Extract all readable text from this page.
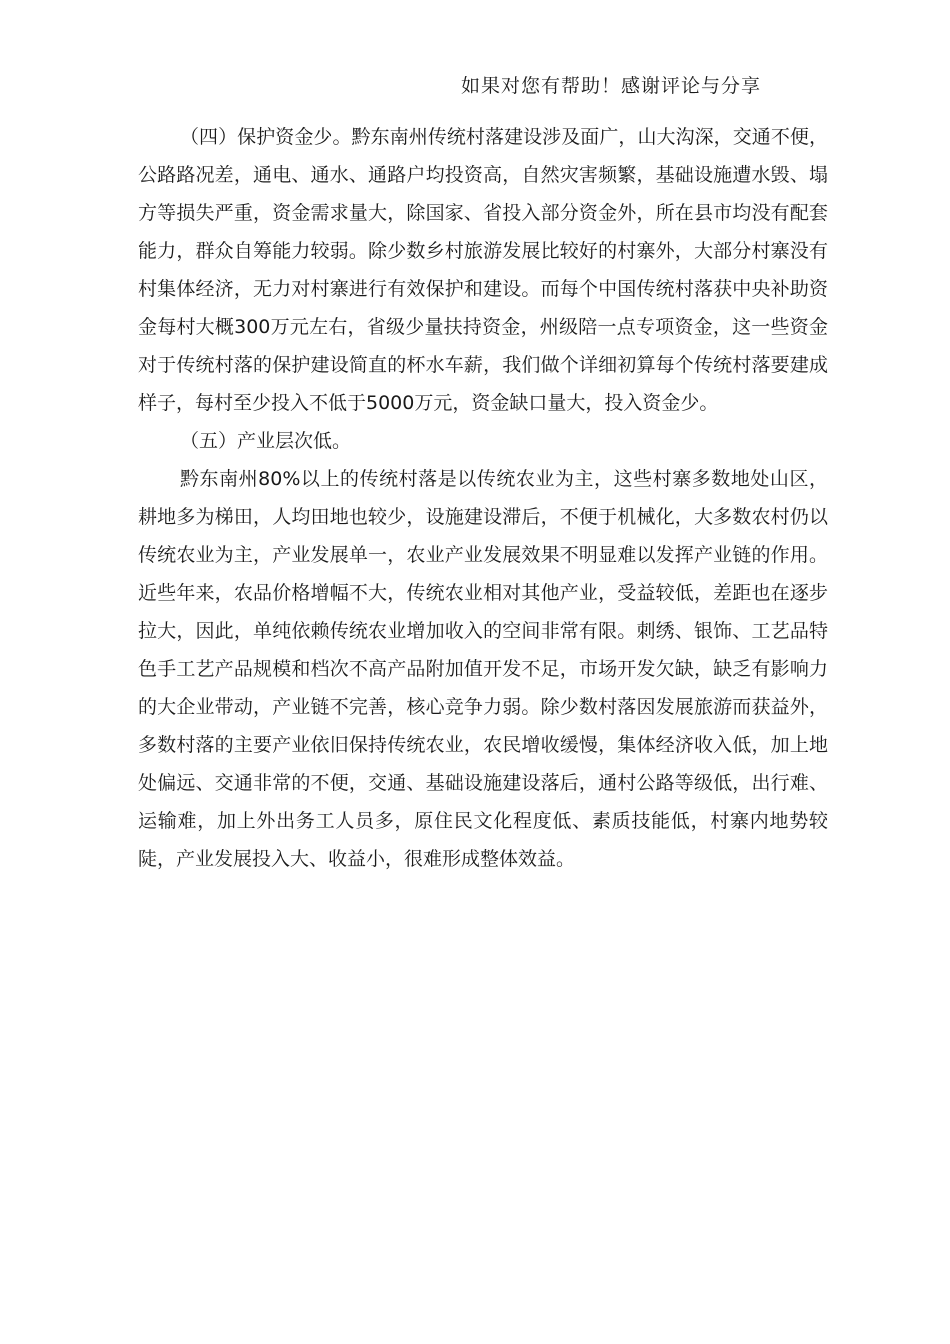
如果对您有帮助！感谢评论与分享

（四）保护资金少。黔东南州传统村落建设涉及面广，山大沟深，交通不便，公路路况差，通电、通水、通路户均投资高，自然灾害频繁，基础设施遭水毁、塌方等损失严重，资金需求量大，除国家、省投入部分资金外，所在县市均没有配套能力，群众自筹能力较弱。除少数乡村旅游发展比较好的村寨外，大部分村寨没有村集体经济，无力对村寨进行有效保护和建设。而每个中国传统村落获中央补助资金每村大概300万元左右，省级少量扶持资金，州级陪一点专项资金，这一些资金对于传统村落的保护建设简直的杯水车薪，我们做个详细初算每个传统村落要建成样子，每村至少投入不低于5000万元，资金缺口量大，投入资金少。

（五）产业层次低。

黔东南州80%以上的传统村落是以传统农业为主，这些村寨多数地处山区，耕地多为梯田，人均田地也较少，设施建设滞后，不便于机械化，大多数农村仍以传统农业为主，产业发展单一，农业产业发展效果不明显难以发挥产业链的作用。近些年来，农品价格增幅不大，传统农业相对其他产业，受益较低，差距也在逐步拉大，因此，单纯依赖传统农业增加收入的空间非常有限。刺绣、银饰、工艺品特色手工艺产品规模和档次不高产品附加值开发不足，市场开发欠缺，缺乏有影响力的大企业带动，产业链不完善，核心竞争力弱。除少数村落因发展旅游而获益外，多数村落的主要产业依旧保持传统农业，农民增收缓慢，集体经济收入低，加上地处偏远、交通非常的不便，交通、基础设施建设落后，通村公路等级低，出行难、运输难，加上外出务工人员多，原住民文化程度低、素质技能低，村寨内地势较陡，产业发展投入大、收益小，很难形成整体效益。
